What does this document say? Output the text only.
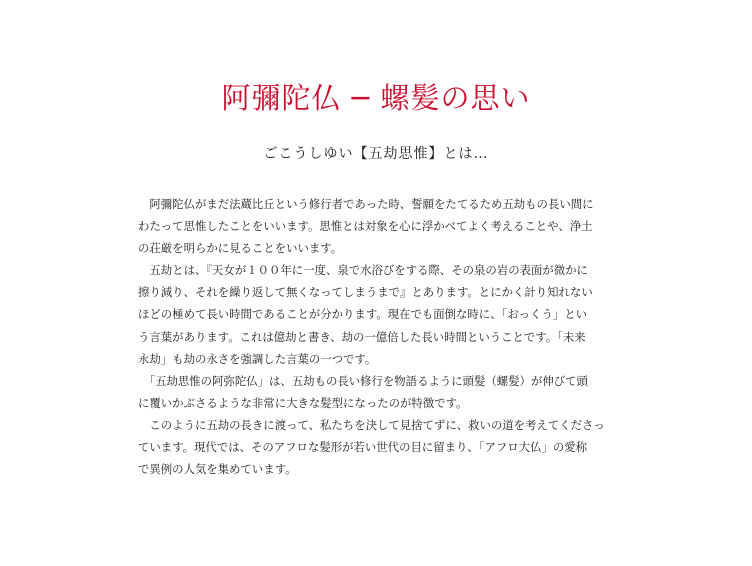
阿彌陀仏 ─ 螺髪の思い
ごこうしゆい【五劫思惟】とは…

阿彌陀仏がまだ法蔵比丘という修行者であった時、誓願をたてるため五劫もの長い間に
わたって思惟したことをいいます。思惟とは対象を心に浮かべてよく考えることや、浄土
の荘厳を明らかに見ることをいいます。

五劫とは、『天女が１００年に一度、泉で水浴びをする際、その泉の岩の表面が微かに
擦り減り、それを繰り返して無くなってしまうまで』とあります。とにかく計り知れない
ほどの極めて長い時間であることが分かります。現在でも面倒な時に、「おっくう」とい
う言葉があります。これは億劫と書き、劫の一億倍した長い時間ということです。「未来
永劫」も劫の永さを強調した言葉の一つです。

「五劫思惟の阿弥陀仏」は、五劫もの長い修行を物語るように頭髪（螺髪）が伸びて頭
に覆いかぶさるような非常に大きな髪型になったのが特徴です。

このように五劫の長きに渡って、私たちを決して見捨てずに、救いの道を考えてくださっ
ています。現代では、そのアフロな髪形が若い世代の目に留まり、「アフロ大仏」の愛称
で異例の人気を集めています。
